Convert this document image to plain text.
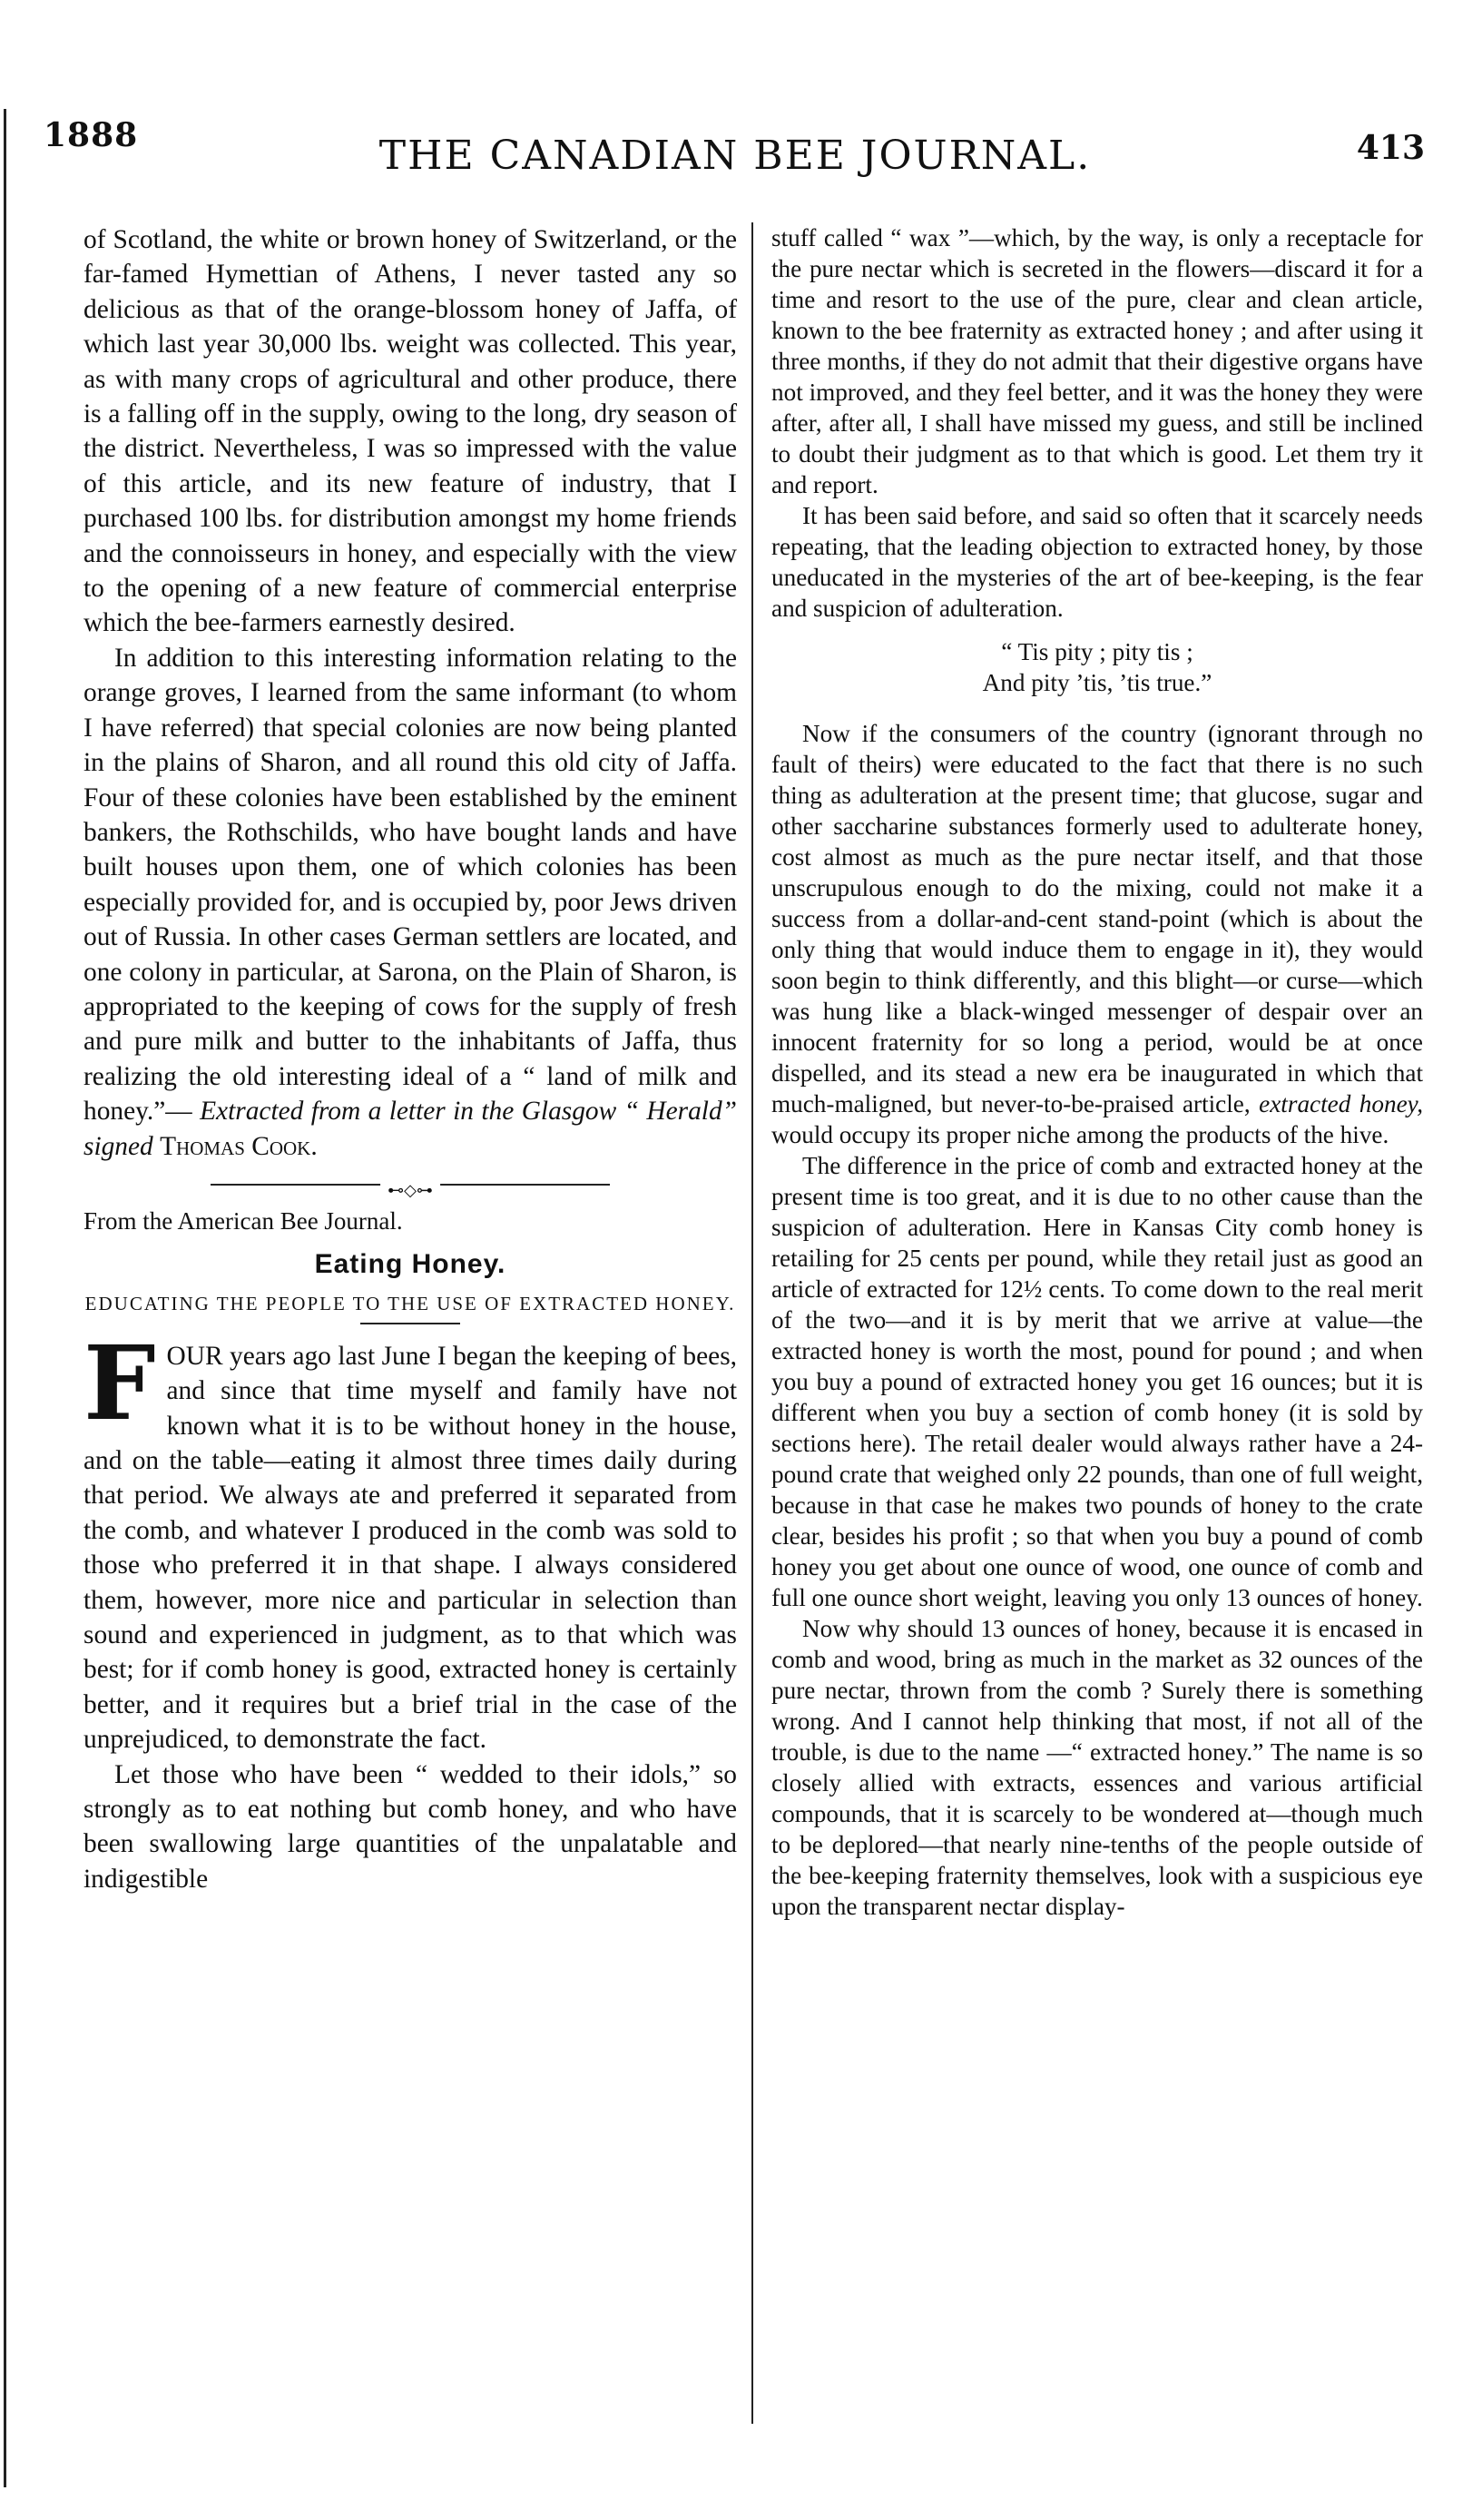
1888	THE CANADIAN BEE JOURNAL.	413

of Scotland, the white or brown honey of Switzerland, or the far-famed Hymettian of Athens, I never tasted any so delicious as that of the orange-blossom honey of Jaffa, of which last year 30,000 lbs. weight was collected. This year, as with many crops of agricultural and other produce, there is a falling off in the supply, owing to the long, dry season of the district. Nevertheless, I was so impressed with the value of this article, and its new feature of industry, that I purchased 100 lbs. for distribution amongst my home friends and the connoisseurs in honey, and especially with the view to the opening of a new feature of commercial enterprise which the bee-farmers earnestly desired.

In addition to this interesting information relating to the orange groves, I learned from the same informant (to whom I have referred) that special colonies are now being planted in the plains of Sharon, and all round this old city of Jaffa. Four of these colonies have been established by the eminent bankers, the Rothschilds, who have bought lands and have built houses upon them, one of which colonies has been especially provided for, and is occupied by, poor Jews driven out of Russia. In other cases German settlers are located, and one colony in particular, at Sarona, on the Plain of Sharon, is appropriated to the keeping of cows for the supply of fresh and pure milk and butter to the inhabitants of Jaffa, thus realizing the old interesting ideal of a “ land of milk and honey.”— Extracted from a letter in the Glasgow “ Herald” signed Thomas Cook.

⊷◇⊶

From the American Bee Journal.

Eating Honey.
EDUCATING THE PEOPLE TO THE USE OF EXTRACTED HONEY.

FOUR years ago last June I began the keeping of bees, and since that time myself and family have not known what it is to be without honey in the house, and on the table—eating it almost three times daily during that period. We always ate and preferred it separated from the comb, and whatever I produced in the comb was sold to those who preferred it in that shape. I always considered them, however, more nice and particular in selection than sound and experienced in judgment, as to that which was best; for if comb honey is good, extracted honey is certainly better, and it requires but a brief trial in the case of the unprejudiced, to demonstrate the fact.

Let those who have been “ wedded to their idols,” so strongly as to eat nothing but comb honey, and who have been swallowing large quantities of the unpalatable and indigestible

stuff called “ wax ”—which, by the way, is only a receptacle for the pure nectar which is secreted in the flowers—discard it for a time and resort to the use of the pure, clear and clean article, known to the bee fraternity as extracted honey ; and after using it three months, if they do not admit that their digestive organs have not improved, and they feel better, and it was the honey they were after, after all, I shall have missed my guess, and still be inclined to doubt their judgment as to that which is good. Let them try it and report.

It has been said before, and said so often that it scarcely needs repeating, that the leading objection to extracted honey, by those uneducated in the mysteries of the art of bee-keeping, is the fear and suspicion of adulteration.

“ Tis pity ; pity tis ;
And pity ’tis, ’tis true.”

Now if the consumers of the country (ignorant through no fault of theirs) were educated to the fact that there is no such thing as adulteration at the present time; that glucose, sugar and other saccharine substances formerly used to adulterate honey, cost almost as much as the pure nectar itself, and that those unscrupulous enough to do the mixing, could not make it a success from a dollar-and-cent stand-point (which is about the only thing that would induce them to engage in it), they would soon begin to think differently, and this blight—or curse—which was hung like a black-winged messenger of despair over an innocent fraternity for so long a period, would be at once dispelled, and its stead a new era be inaugurated in which that much-maligned, but never-to-be-praised article, extracted honey, would occupy its proper niche among the products of the hive.

The difference in the price of comb and extracted honey at the present time is too great, and it is due to no other cause than the suspicion of adulteration. Here in Kansas City comb honey is retailing for 25 cents per pound, while they retail just as good an article of extracted for 12½ cents. To come down to the real merit of the two—and it is by merit that we arrive at value—the extracted honey is worth the most, pound for pound ; and when you buy a pound of extracted honey you get 16 ounces; but it is different when you buy a section of comb honey (it is sold by sections here). The retail dealer would always rather have a 24-pound crate that weighed only 22 pounds, than one of full weight, because in that case he makes two pounds of honey to the crate clear, besides his profit ; so that when you buy a pound of comb honey you get about one ounce of wood, one ounce of comb and full one ounce short weight, leaving you only 13 ounces of honey.

Now why should 13 ounces of honey, because it is encased in comb and wood, bring as much in the market as 32 ounces of the pure nectar, thrown from the comb ? Surely there is something wrong. And I cannot help thinking that most, if not all of the trouble, is due to the name —“ extracted honey.” The name is so closely allied with extracts, essences and various artificial compounds, that it is scarcely to be wondered at—though much to be deplored—that nearly nine-tenths of the people outside of the bee-keeping fraternity themselves, look with a suspicious eye upon the transparent nectar display-
